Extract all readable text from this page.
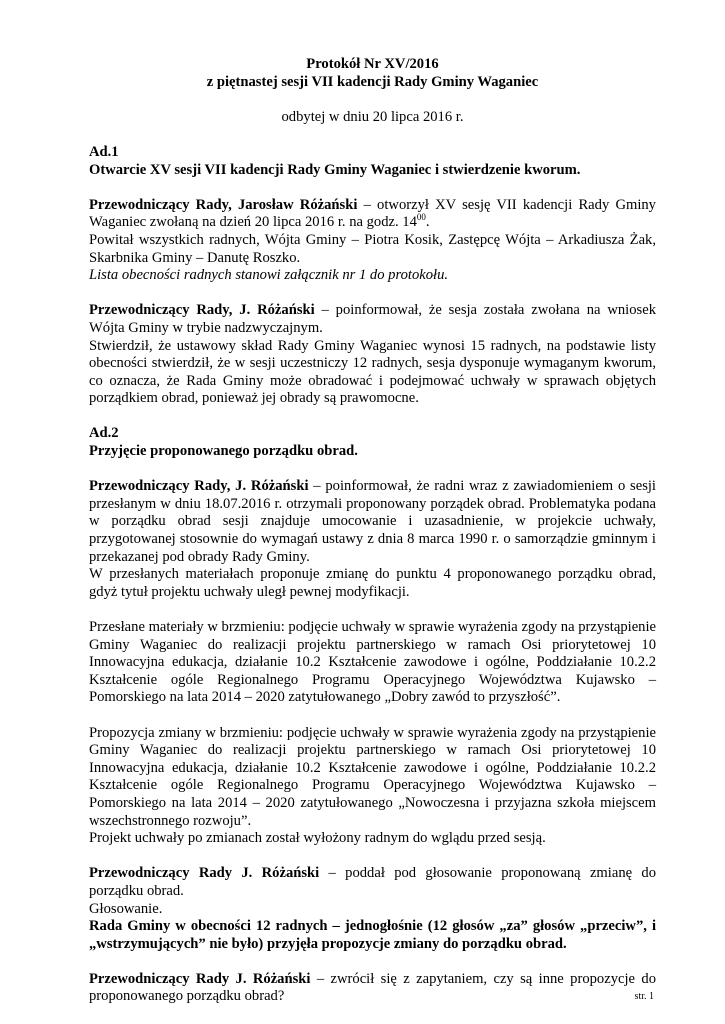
Protokół Nr XV/2016

z piętnastej sesji VII kadencji Rady Gminy Waganiec

odbytej w dniu 20 lipca 2016 r.

Ad.1

Otwarcie XV sesji VII kadencji Rady Gminy Waganiec i stwierdzenie kworum.

Przewodniczący Rady, Jarosław Różański – otworzył XV sesję VII kadencji Rady Gminy Waganiec zwołaną na dzień 20 lipca 2016 r. na godz. $14^{00}$.

Powitał wszystkich radnych, Wójta Gminy – Piotra Kosik, Zastępcę Wójta – Arkadiusza Żak, Skarbnika Gminy – Danutę Roszko.

Lista obecności radnych stanowi załącznik nr 1 do protokołu.

Przewodniczący Rady, J. Różański – poinformował, że sesja została zwołana na wniosek Wójta Gminy w trybie nadzwyczajnym.

Stwierdził, że ustawowy skład Rady Gminy Waganiec wynosi 15 radnych, na podstawie listy obecności stwierdził, że w sesji uczestniczy 12 radnych, sesja dysponuje wymaganym kworum, co oznacza, że Rada Gminy może obradować i podejmować uchwały w sprawach objętych porządkiem obrad, ponieważ jej obrady są prawomocne.

Ad.2

Przyjęcie proponowanego porządku obrad.

Przewodniczący Rady, J. Różański – poinformował, że radni wraz z zawiadomieniem o sesji przesłanym w dniu 18.07.2016 r. otrzymali proponowany porządek obrad. Problematyka podana w porządku obrad sesji znajduje umocowanie i uzasadnienie, w projekcie uchwały, przygotowanej stosownie do wymagań ustawy z dnia 8 marca 1990 r. o samorządzie gminnym i przekazanej pod obrady Rady Gminy.

W przesłanych materiałach proponuje zmianę do punktu 4 proponowanego porządku obrad, gdyż tytuł projektu uchwały uległ pewnej modyfikacji.

Przesłane materiały w brzmieniu: podjęcie uchwały w sprawie wyrażenia zgody na przystąpienie Gminy Waganiec do realizacji projektu partnerskiego w ramach Osi priorytetowej 10 Innowacyjna edukacja, działanie 10.2 Kształcenie zawodowe i ogólne, Poddziałanie 10.2.2 Kształcenie ogóle Regionalnego Programu Operacyjnego Województwa Kujawsko – Pomorskiego na lata 2014 – 2020 zatytułowanego „Dobry zawód to przyszłość”.

Propozycja zmiany w brzmieniu: podjęcie uchwały w sprawie wyrażenia zgody na przystąpienie Gminy Waganiec do realizacji projektu partnerskiego w ramach Osi priorytetowej 10 Innowacyjna edukacja, działanie 10.2 Kształcenie zawodowe i ogólne, Poddziałanie 10.2.2 Kształcenie ogóle Regionalnego Programu Operacyjnego Województwa Kujawsko – Pomorskiego na lata 2014 – 2020 zatytułowanego „Nowoczesna i przyjazna szkoła miejscem wszechstronnego rozwoju”.

Projekt uchwały po zmianach został wyłożony radnym do wglądu przed sesją.

Przewodniczący Rady J. Różański – poddał pod głosowanie proponowaną zmianę do porządku obrad.

Głosowanie.

Rada Gminy w obecności 12 radnych – jednogłośnie (12 głosów „za” głosów „przeciw”, i „wstrzymujących” nie było) przyjęła propozycje zmiany do porządku obrad.

Przewodniczący Rady J. Różański – zwrócił się z zapytaniem, czy są inne propozycje do proponowanego porządku obrad?	str. 1
